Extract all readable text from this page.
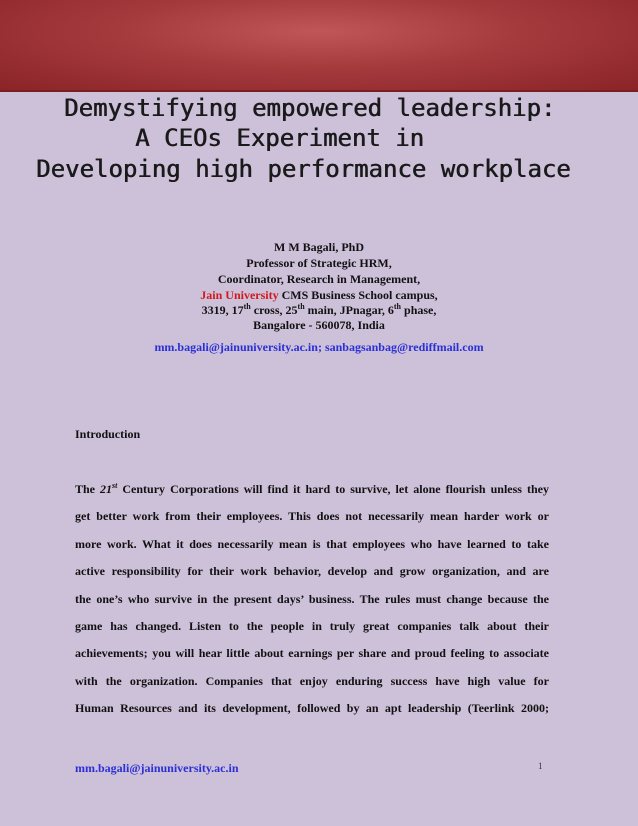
Demystifying empowered leadership:
A CEOs Experiment in
Developing high performance workplace
M M Bagali, PhD
Professor of Strategic HRM,
Coordinator, Research in Management,
Jain University CMS Business School campus,
3319, 17th cross, 25th main, JPnagar, 6th phase,
Bangalore - 560078, India
mm.bagali@jainuniversity.ac.in; sanbagsanbag@rediffmail.com
Introduction
The 21st Century Corporations will find it hard to survive, let alone flourish unless they
get better work from their employees. This does not necessarily mean harder work or
more work. What it does necessarily mean is that employees who have learned to take
active responsibility for their work behavior, develop and grow organization, and are
the one’s who survive in the present days’ business. The rules must change because the
game has changed. Listen to the people in truly great companies talk about their
achievements; you will hear little about earnings per share and proud feeling to associate
with the organization. Companies that enjoy enduring success have high value for
Human Resources and its development, followed by an apt leadership (Teerlink 2000;
mm.bagali@jainuniversity.ac.in	1
